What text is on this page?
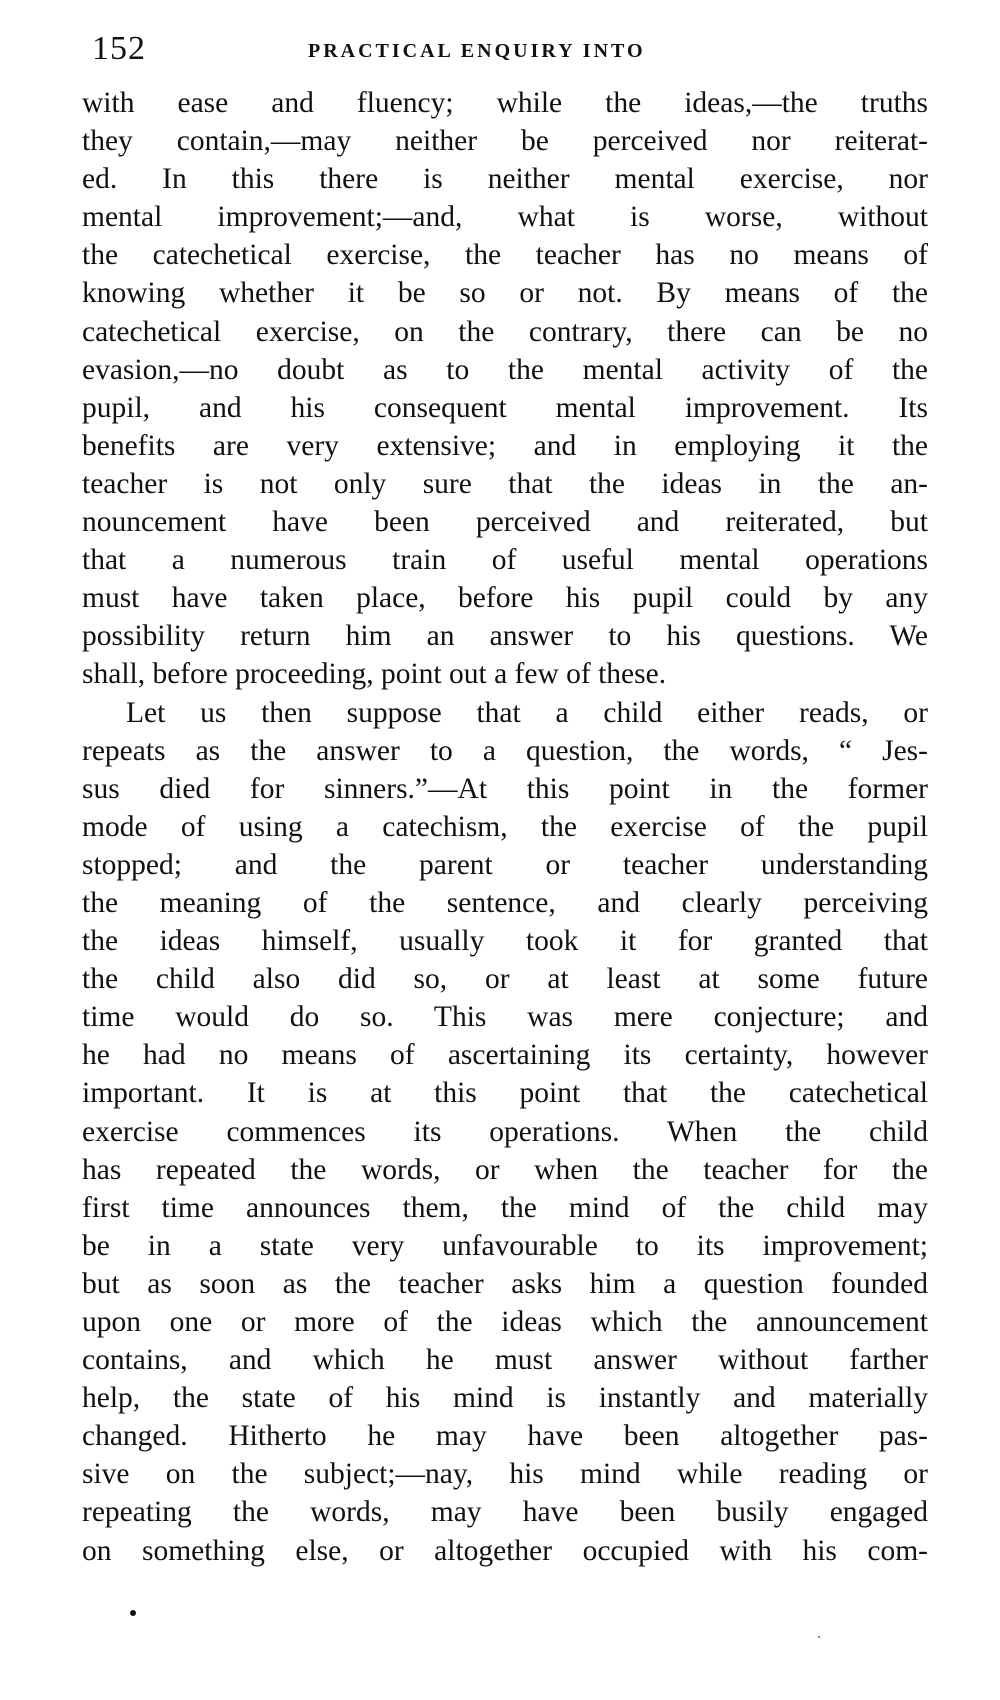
152	PRACTICAL ENQUIRY INTO
with ease and fluency; while the ideas,—the truths
they contain,—may neither be perceived nor reiterat-
ed. In this there is neither mental exercise, nor
mental improvement;—and, what is worse, without
the catechetical exercise, the teacher has no means of
knowing whether it be so or not. By means of the
catechetical exercise, on the contrary, there can be no
evasion,—no doubt as to the mental activity of the
pupil, and his consequent mental improvement. Its
benefits are very extensive; and in employing it the
teacher is not only sure that the ideas in the an-
nouncement have been perceived and reiterated, but
that a numerous train of useful mental operations
must have taken place, before his pupil could by any
possibility return him an answer to his questions. We
shall, before proceeding, point out a few of these.
Let us then suppose that a child either reads, or
repeats as the answer to a question, the words, “ Jes-
sus died for sinners.”—At this point in the former
mode of using a catechism, the exercise of the pupil
stopped; and the parent or teacher understanding
the meaning of the sentence, and clearly perceiving
the ideas himself, usually took it for granted that
the child also did so, or at least at some future
time would do so. This was mere conjecture; and
he had no means of ascertaining its certainty, however
important. It is at this point that the catechetical
exercise commences its operations. When the child
has repeated the words, or when the teacher for the
first time announces them, the mind of the child may
be in a state very unfavourable to its improvement;
but as soon as the teacher asks him a question founded
upon one or more of the ideas which the announcement
contains, and which he must answer without farther
help, the state of his mind is instantly and materially
changed. Hitherto he may have been altogether pas-
sive on the subject;—nay, his mind while reading or
repeating the words, may have been busily engaged
on something else, or altogether occupied with his com-
